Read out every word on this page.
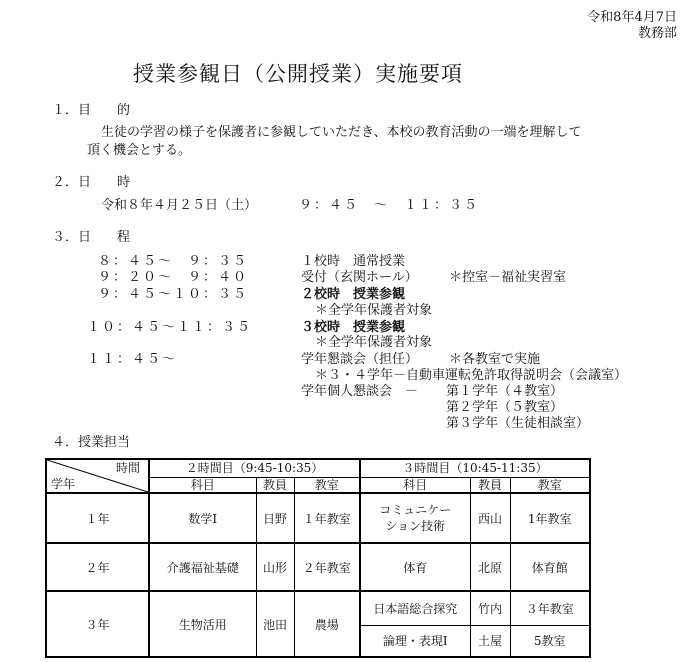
令和8年4月7日
教務部
授業参観日（公開授業）実施要項
１．目　　的
生徒の学習の様子を保護者に参観していただき、本校の教育活動の一端を理解して
頂く機会とする。
２．日　　時
令和８年４月２５日（土）	９：４５　～　１１：３５
３．日　　程
８：４５～　９：３５	１校時　通常授業
９：２０～　９：４０	受付（玄関ホール） ＊控室－福祉実習室
９：４５～１０：３５	２校時　授業参観
＊全学年保護者対象
１０：４５～１１：３５	３校時　授業参観
＊全学年保護者対象
１１：４５～	学年懇談会（担任） ＊各教室で実施
＊３・４学年－自動車運転免許取得説明会（会議室）
学年個人懇談会　－ 第１学年（４教室）
第２学年（５教室）
第３学年（生徒相談室）
４．授業担当
時間
学年	２時間目（9:45-10:35）			３時間目（10:45-11:35）		
	科目	教員	教室	科目	教員	教室
１年	数学Ⅰ	日野	１年教室	コミュニケー
ション技術	西山	1年教室
２年	介護福祉基礎	山形	２年教室	体育	北原	体育館
３年	生物活用	池田	農場	日本語総合探究	竹内	３年教室
				論理・表現Ⅰ	土屋	5教室
